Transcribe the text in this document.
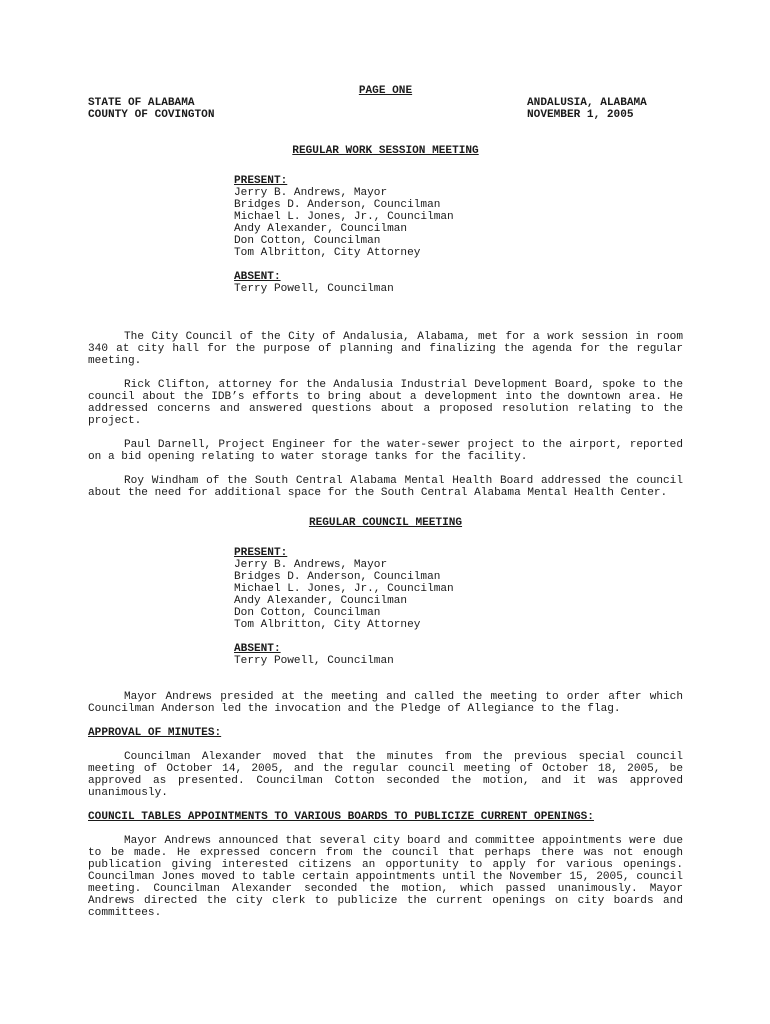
PAGE ONE
STATE OF ALABAMA	ANDALUSIA, ALABAMA
COUNTY OF COVINGTON	NOVEMBER 1, 2005
REGULAR WORK SESSION MEETING
PRESENT:
Jerry B. Andrews, Mayor
Bridges D. Anderson, Councilman
Michael L. Jones, Jr., Councilman
Andy Alexander, Councilman
Don Cotton, Councilman
Tom Albritton, City Attorney
ABSENT:
Terry Powell, Councilman

The City Council of the City of Andalusia, Alabama, met for a work session in room 340 at city hall for the purpose of planning and finalizing the agenda for the regular meeting.

Rick Clifton, attorney for the Andalusia Industrial Development Board, spoke to the council about the IDB’s efforts to bring about a development into the downtown area. He addressed concerns and answered questions about a proposed resolution relating to the project.

Paul Darnell, Project Engineer for the water-sewer project to the airport, reported on a bid opening relating to water storage tanks for the facility.

Roy Windham of the South Central Alabama Mental Health Board addressed the council about the need for additional space for the South Central Alabama Mental Health Center.

REGULAR COUNCIL MEETING
PRESENT:
Jerry B. Andrews, Mayor
Bridges D. Anderson, Councilman
Michael L. Jones, Jr., Councilman
Andy Alexander, Councilman
Don Cotton, Councilman
Tom Albritton, City Attorney
ABSENT:
Terry Powell, Councilman

Mayor Andrews presided at the meeting and called the meeting to order after which Councilman Anderson led the invocation and the Pledge of Allegiance to the flag.

APPROVAL OF MINUTES:

Councilman Alexander moved that the minutes from the previous special council meeting of October 14, 2005, and the regular council meeting of October 18, 2005, be approved as presented. Councilman Cotton seconded the motion, and it was approved unanimously.

COUNCIL TABLES APPOINTMENTS TO VARIOUS BOARDS TO PUBLICIZE CURRENT OPENINGS:

Mayor Andrews announced that several city board and committee appointments were due to be made. He expressed concern from the council that perhaps there was not enough publication giving interested citizens an opportunity to apply for various openings. Councilman Jones moved to table certain appointments until the November 15, 2005, council meeting. Councilman Alexander seconded the motion, which passed unanimously. Mayor Andrews directed the city clerk to publicize the current openings on city boards and committees.
